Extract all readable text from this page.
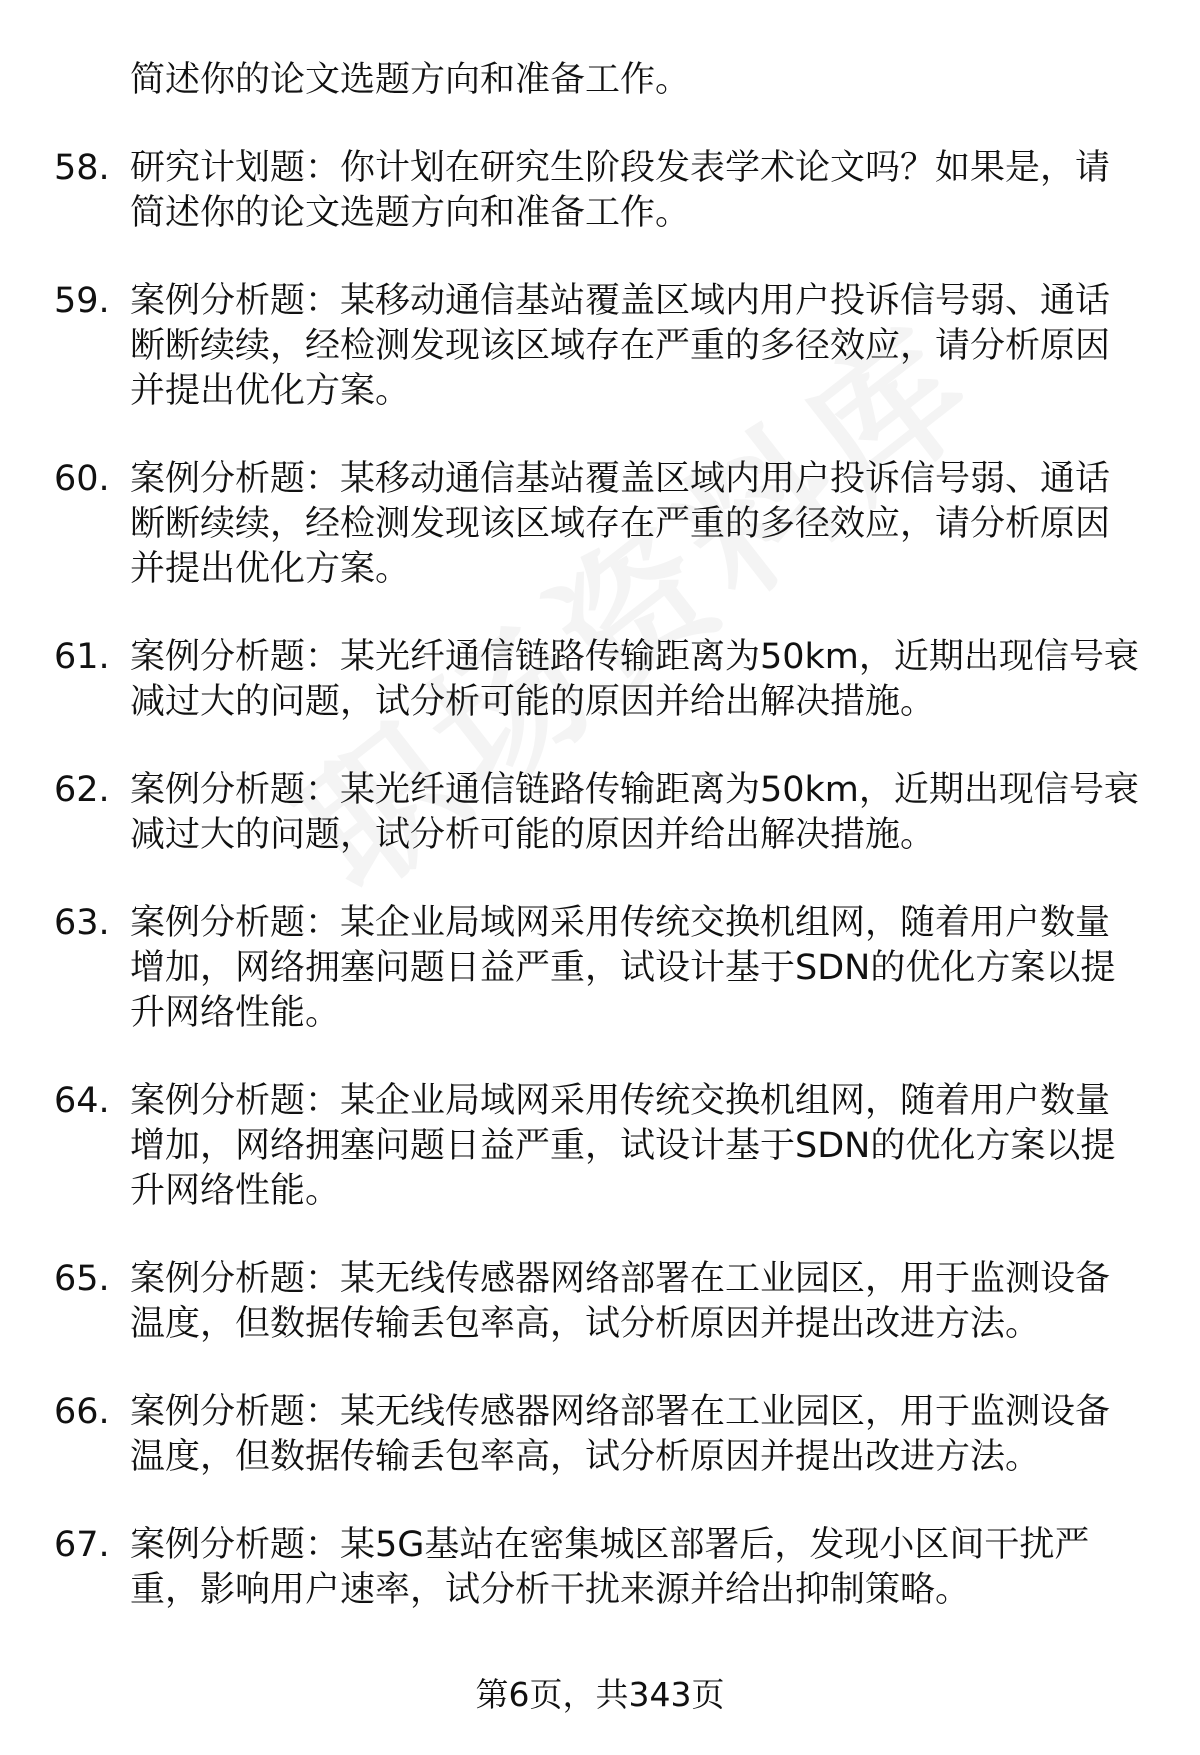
简述你的论文选题方向和准备工作。
58. 研究计划题：你计划在研究生阶段发表学术论文吗？如果是，请简述你的论文选题方向和准备工作。
59. 案例分析题：某移动通信基站覆盖区域内用户投诉信号弱、通话断断续续，经检测发现该区域存在严重的多径效应，请分析原因并提出优化方案。
60. 案例分析题：某移动通信基站覆盖区域内用户投诉信号弱、通话断断续续，经检测发现该区域存在严重的多径效应，请分析原因并提出优化方案。
61. 案例分析题：某光纤通信链路传输距离为50km，近期出现信号衰减过大的问题，试分析可能的原因并给出解决措施。
62. 案例分析题：某光纤通信链路传输距离为50km，近期出现信号衰减过大的问题，试分析可能的原因并给出解决措施。
63. 案例分析题：某企业局域网采用传统交换机组网，随着用户数量增加，网络拥塞问题日益严重，试设计基于SDN的优化方案以提升网络性能。
64. 案例分析题：某企业局域网采用传统交换机组网，随着用户数量增加，网络拥塞问题日益严重，试设计基于SDN的优化方案以提升网络性能。
65. 案例分析题：某无线传感器网络部署在工业园区，用于监测设备温度，但数据传输丢包率高，试分析原因并提出改进方法。
66. 案例分析题：某无线传感器网络部署在工业园区，用于监测设备温度，但数据传输丢包率高，试分析原因并提出改进方法。
67. 案例分析题：某5G基站在密集城区部署后，发现小区间干扰严重，影响用户速率，试分析干扰来源并给出抑制策略。
第6页，共343页
